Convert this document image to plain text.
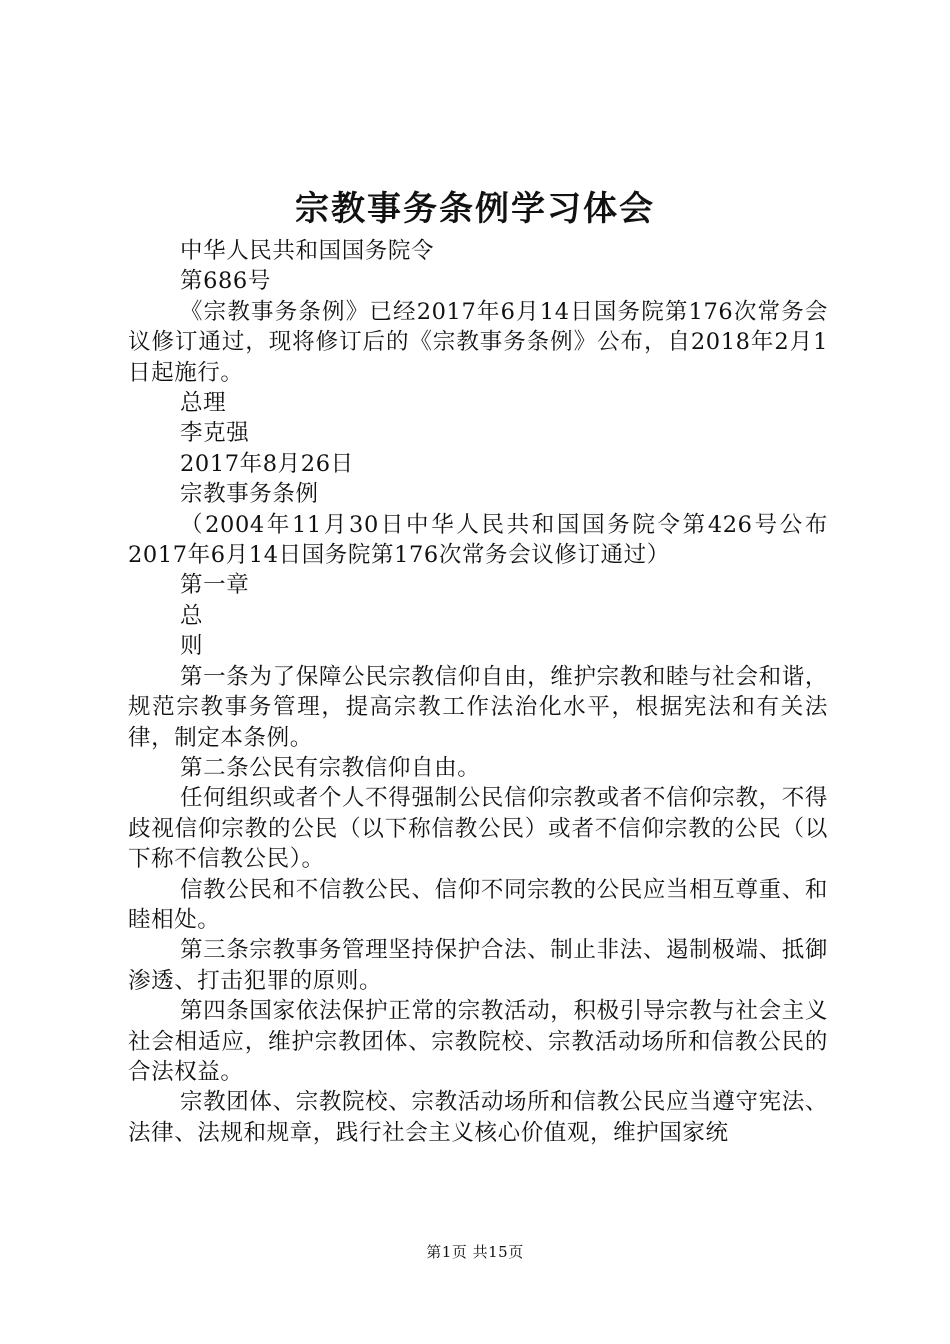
宗教事务条例学习体会

中华人民共和国国务院令

第686号

《宗教事务条例》已经2017年6月14日国务院第176次常务会议修订通过，现将修订后的《宗教事务条例》公布，自2018年2月1日起施行。

总理

李克强

2017年8月26日

宗教事务条例

（2004年11月30日中华人民共和国国务院令第426号公布2017年6月14日国务院第176次常务会议修订通过）

第一章

总

则

第一条为了保障公民宗教信仰自由，维护宗教和睦与社会和谐，规范宗教事务管理，提高宗教工作法治化水平，根据宪法和有关法律，制定本条例。

第二条公民有宗教信仰自由。

任何组织或者个人不得强制公民信仰宗教或者不信仰宗教，不得歧视信仰宗教的公民（以下称信教公民）或者不信仰宗教的公民（以下称不信教公民）。

信教公民和不信教公民、信仰不同宗教的公民应当相互尊重、和睦相处。

第三条宗教事务管理坚持保护合法、制止非法、遏制极端、抵御渗透、打击犯罪的原则。

第四条国家依法保护正常的宗教活动，积极引导宗教与社会主义社会相适应，维护宗教团体、宗教院校、宗教活动场所和信教公民的合法权益。

宗教团体、宗教院校、宗教活动场所和信教公民应当遵守宪法、法律、法规和规章，践行社会主义核心价值观，维护国家统

第1页 共15页
